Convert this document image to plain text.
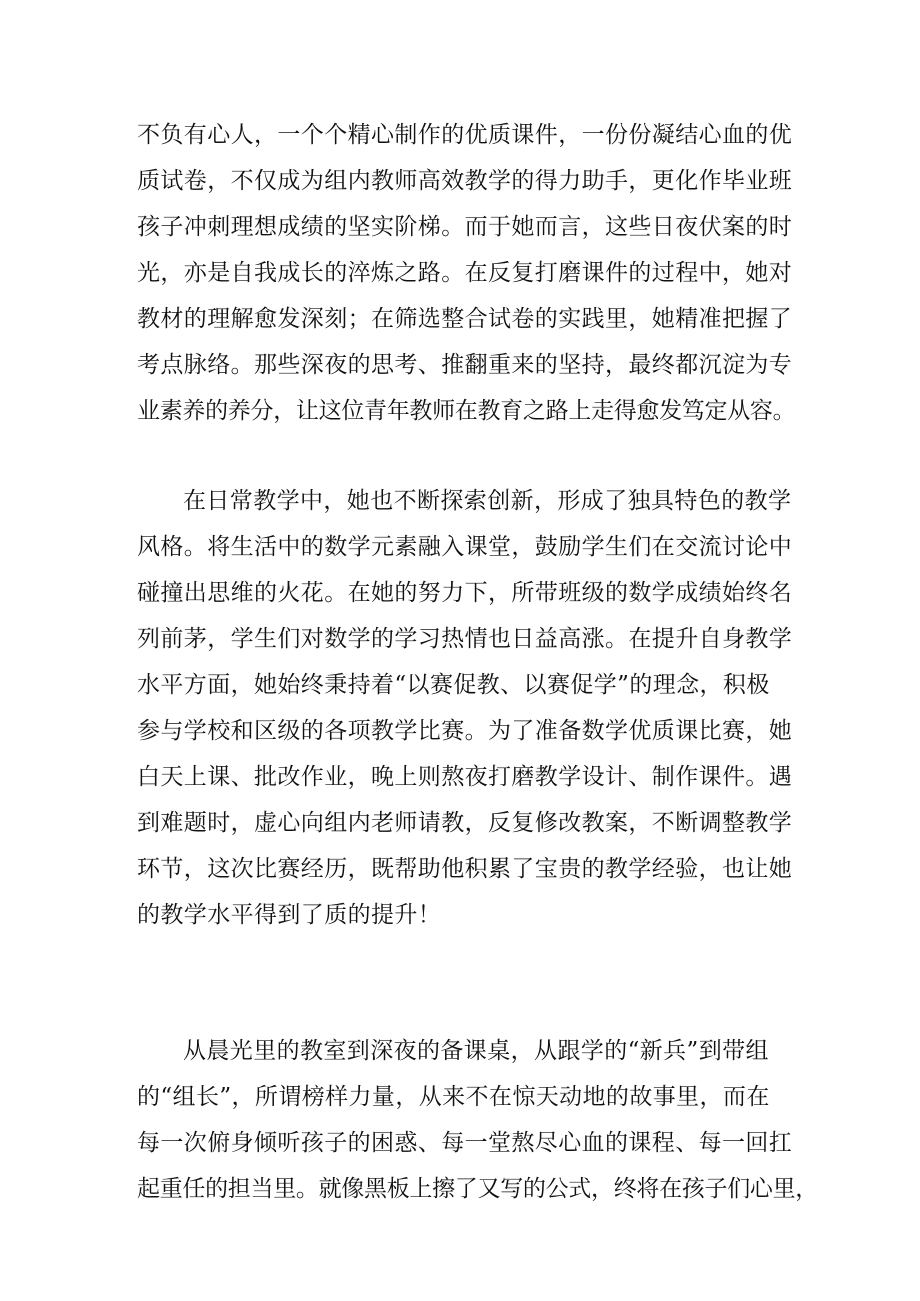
不负有心人，一个个精心制作的优质课件，一份份凝结心血的优
质试卷，不仅成为组内教师高效教学的得力助手，更化作毕业班
孩子冲刺理想成绩的坚实阶梯。而于她而言，这些日夜伏案的时
光，亦是自我成长的淬炼之路。在反复打磨课件的过程中，她对
教材的理解愈发深刻；在筛选整合试卷的实践里，她精准把握了
考点脉络。那些深夜的思考、推翻重来的坚持，最终都沉淀为专
业素养的养分，让这位青年教师在教育之路上走得愈发笃定从容。
在日常教学中，她也不断探索创新，形成了独具特色的教学
风格。将生活中的数学元素融入课堂，鼓励学生们在交流讨论中
碰撞出思维的火花。在她的努力下，所带班级的数学成绩始终名
列前茅，学生们对数学的学习热情也日益高涨。在提升自身教学
水平方面，她始终秉持着“以赛促教、以赛促学”的理念，积极
参与学校和区级的各项教学比赛。为了准备数学优质课比赛，她
白天上课、批改作业，晚上则熬夜打磨教学设计、制作课件。遇
到难题时，虚心向组内老师请教，反复修改教案，不断调整教学
环节，这次比赛经历，既帮助他积累了宝贵的教学经验，也让她
的教学水平得到了质的提升！
从晨光里的教室到深夜的备课桌，从跟学的“新兵”到带组
的“组长”，所谓榜样力量，从来不在惊天动地的故事里，而在
每一次俯身倾听孩子的困惑、每一堂熬尽心血的课程、每一回扛
起重任的担当里。就像黑板上擦了又写的公式，终将在孩子们心里，
